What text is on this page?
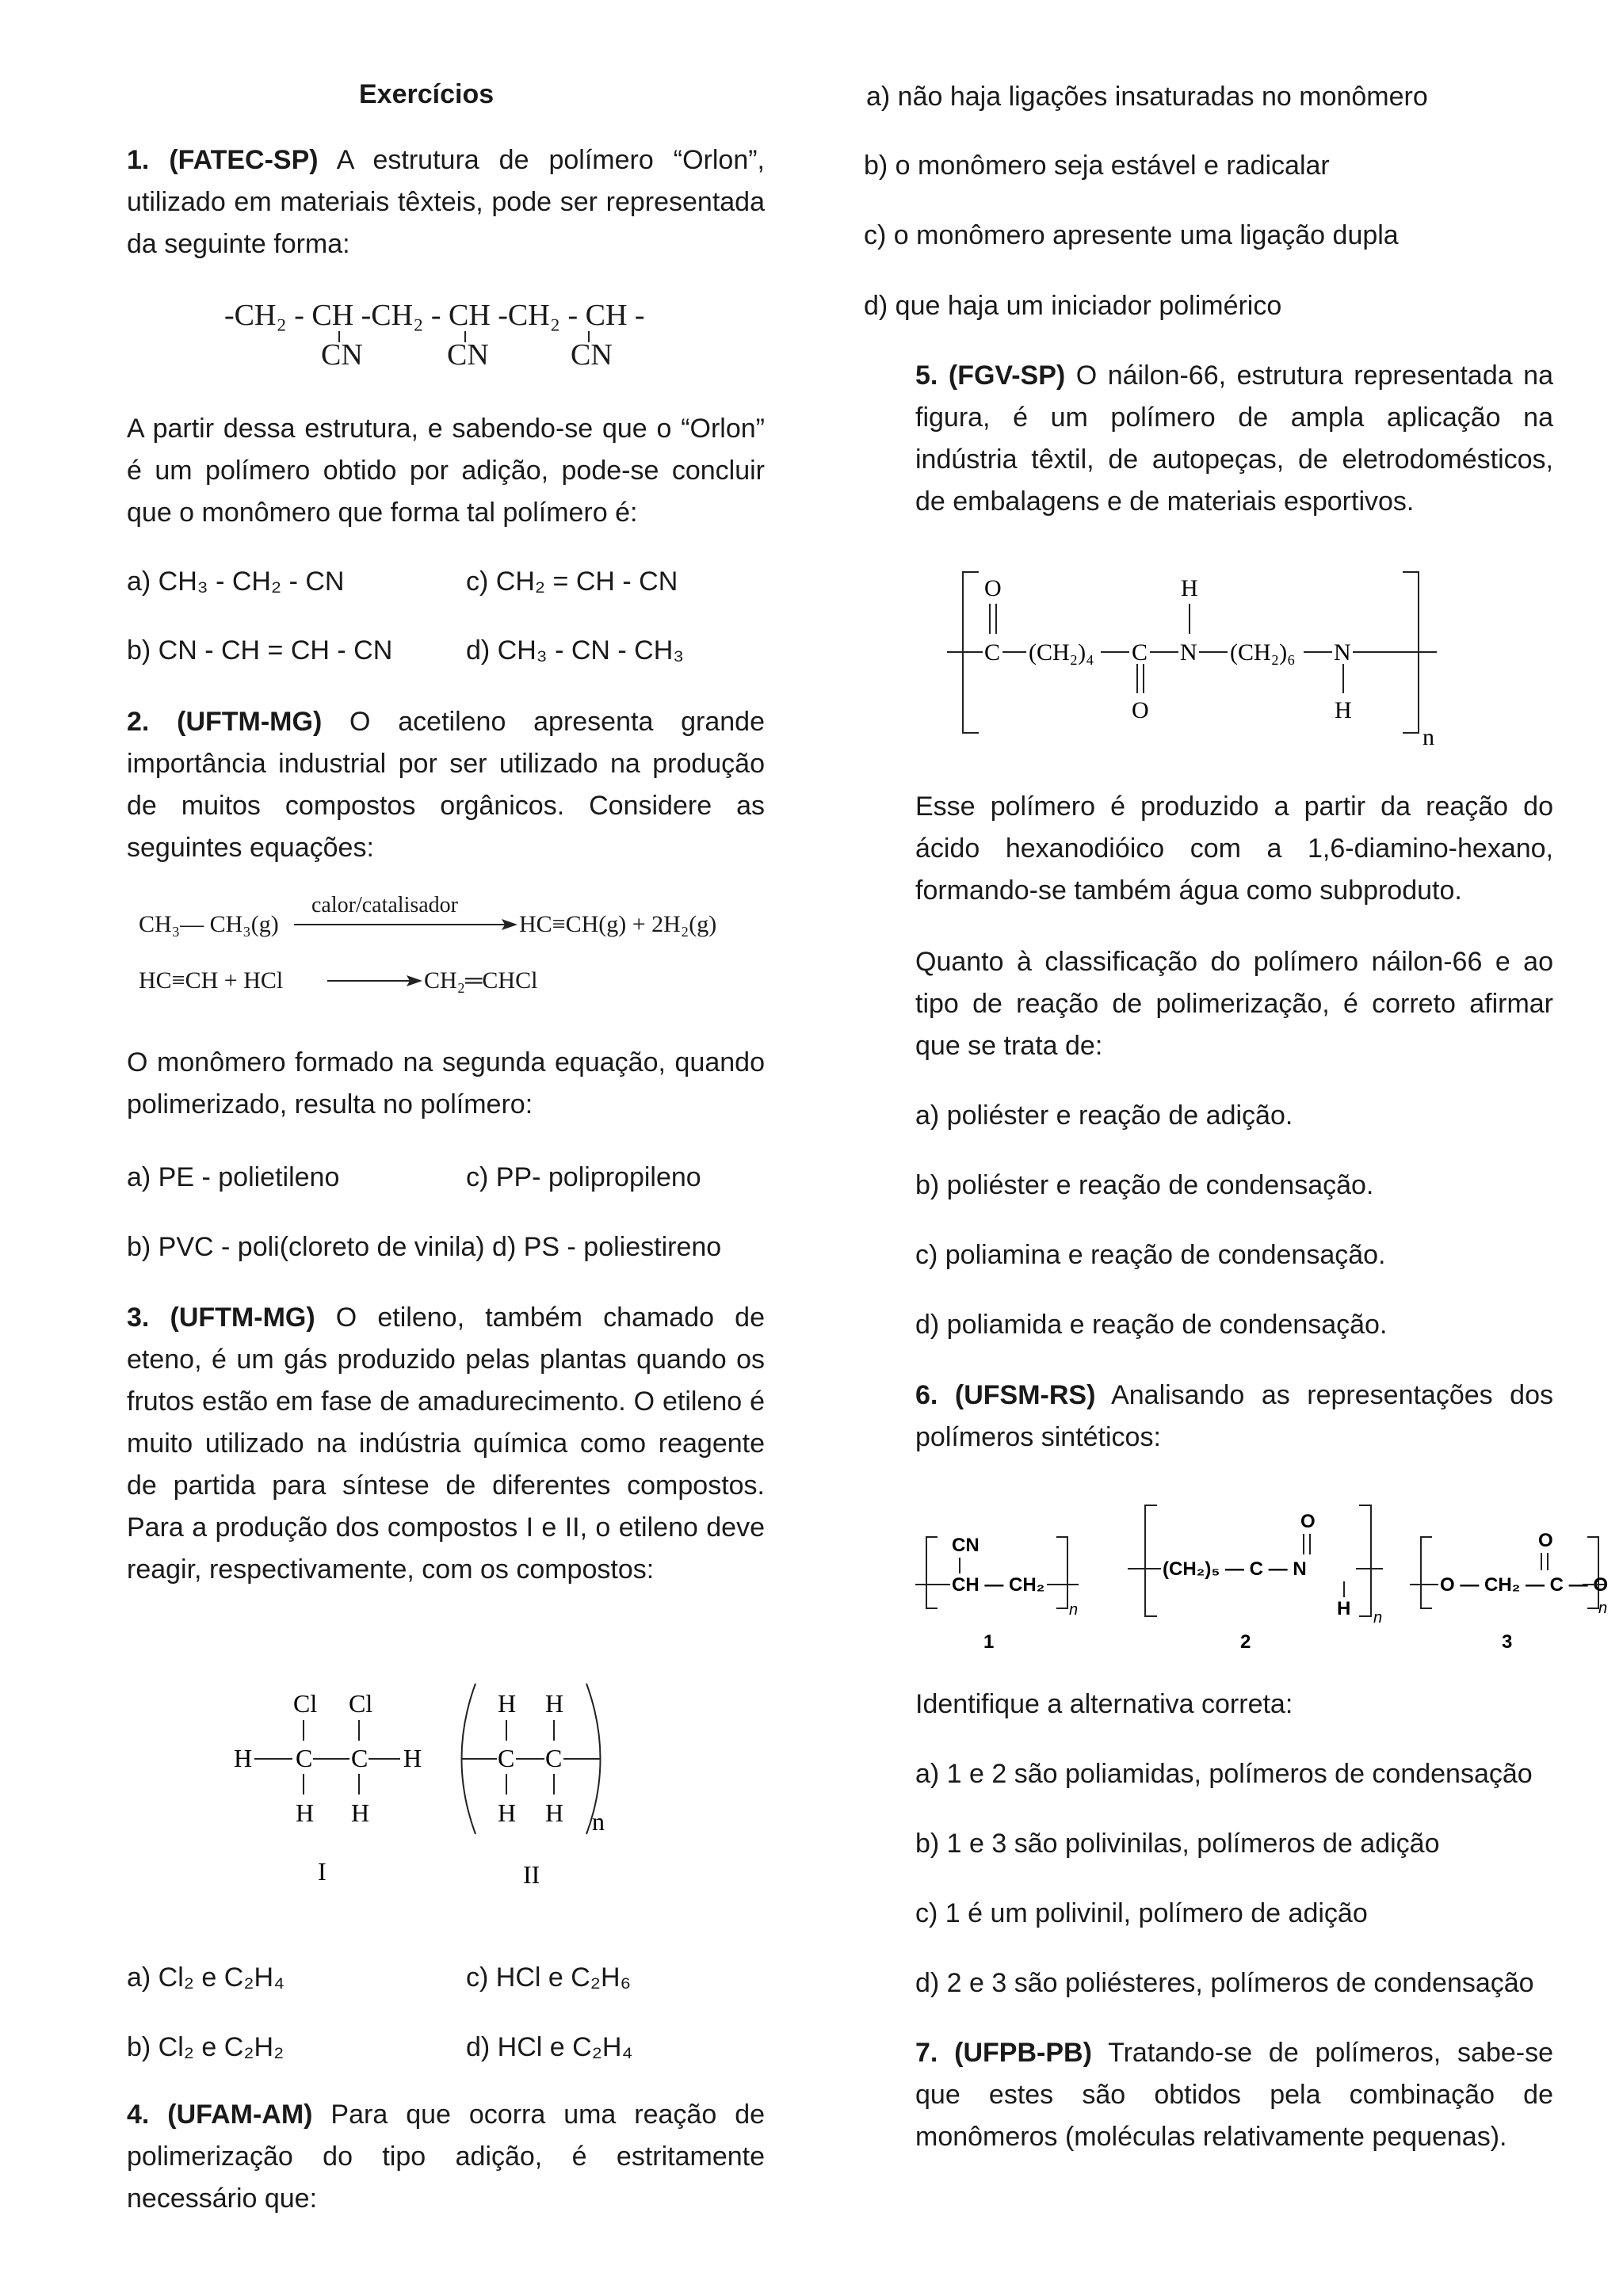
Exercícios

1. (FATEC-SP) A estrutura de polímero “Orlon”, utilizado em materiais têxteis, pode ser representada da seguinte forma:

-CH₂ - CH -CH₂ - CH -CH₂ - CH -
CN	CN	CN

A partir dessa estrutura, e sabendo-se que o “Orlon” é um polímero obtido por adição, pode-se concluir que o monômero que forma tal polímero é:

a) CH₃ - CH₂ - CN	c) CH₂ = CH - CN
b) CN - CH = CH - CN	d) CH₃ - CN - CH₃

2. (UFTM-MG) O acetileno apresenta grande importância industrial por ser utilizado na produção de muitos compostos orgânicos. Considere as seguintes equações:

CH₃— CH₃(g)
calor/catalisador
HC≡CH(g) + 2H₂(g)
HC≡CH + HCl	CH₂═CHCl

O monômero formado na segunda equação, quando polimerizado, resulta no polímero:

a) PE - polietileno	c) PP- polipropileno
b) PVC - poli(cloreto de vinila) d) PS - poliestireno

3. (UFTM-MG) O etileno, também chamado de eteno, é um gás produzido pelas plantas quando os frutos estão em fase de amadurecimento. O etileno é muito utilizado na indústria química como reagente de partida para síntese de diferentes compostos. Para a produção dos compostos I e II, o etileno deve reagir, respectivamente, com os compostos:

Cl Cl
H C C H
H H
I
H H
C C
H H n
II
a) Cl₂ e C₂H₄	c) HCl e C₂H₆
b) Cl₂ e C₂H₂	d) HCl e C₂H₄

4. (UFAM-AM) Para que ocorra uma reação de polimerização do tipo adição, é estritamente necessário que:

a) não haja ligações insaturadas no monômero
b) o monômero seja estável e radicalar
c) o monômero apresente uma ligação dupla
d) que haja um iniciador polimérico

5. (FGV-SP) O náilon-66, estrutura representada na figura, é um polímero de ampla aplicação na indústria têxtil, de autopeças, de eletrodomésticos, de embalagens e de materiais esportivos.

n
C (CH₂)₄ C N (CH₂)₆ N
O
O
H
H

Esse polímero é produzido a partir da reação do ácido hexanodióico com a 1,6-diamino-hexano, formando-se também água como subproduto.

Quanto à classificação do polímero náilon-66 e ao tipo de reação de polimerização, é correto afirmar que se trata de:

a) poliéster e reação de adição.
b) poliéster e reação de condensação.
c) poliamina e reação de condensação.
d) poliamida e reação de condensação.

6. (UFSM-RS) Analisando as representações dos polímeros sintéticos:

CN
CH — CH₂
n
1
O
(CH₂)₅ — C — N
H n
2
O
O — CH₂ — C — O
n
3
Identifique a alternativa correta:
a) 1 e 2 são poliamidas, polímeros de condensação
b) 1 e 3 são polivinilas, polímeros de adição
c) 1 é um polivinil, polímero de adição
d) 2 e 3 são poliésteres, polímeros de condensação

7. (UFPB-PB) Tratando-se de polímeros, sabe-se que estes são obtidos pela combinação de monômeros (moléculas relativamente pequenas).
